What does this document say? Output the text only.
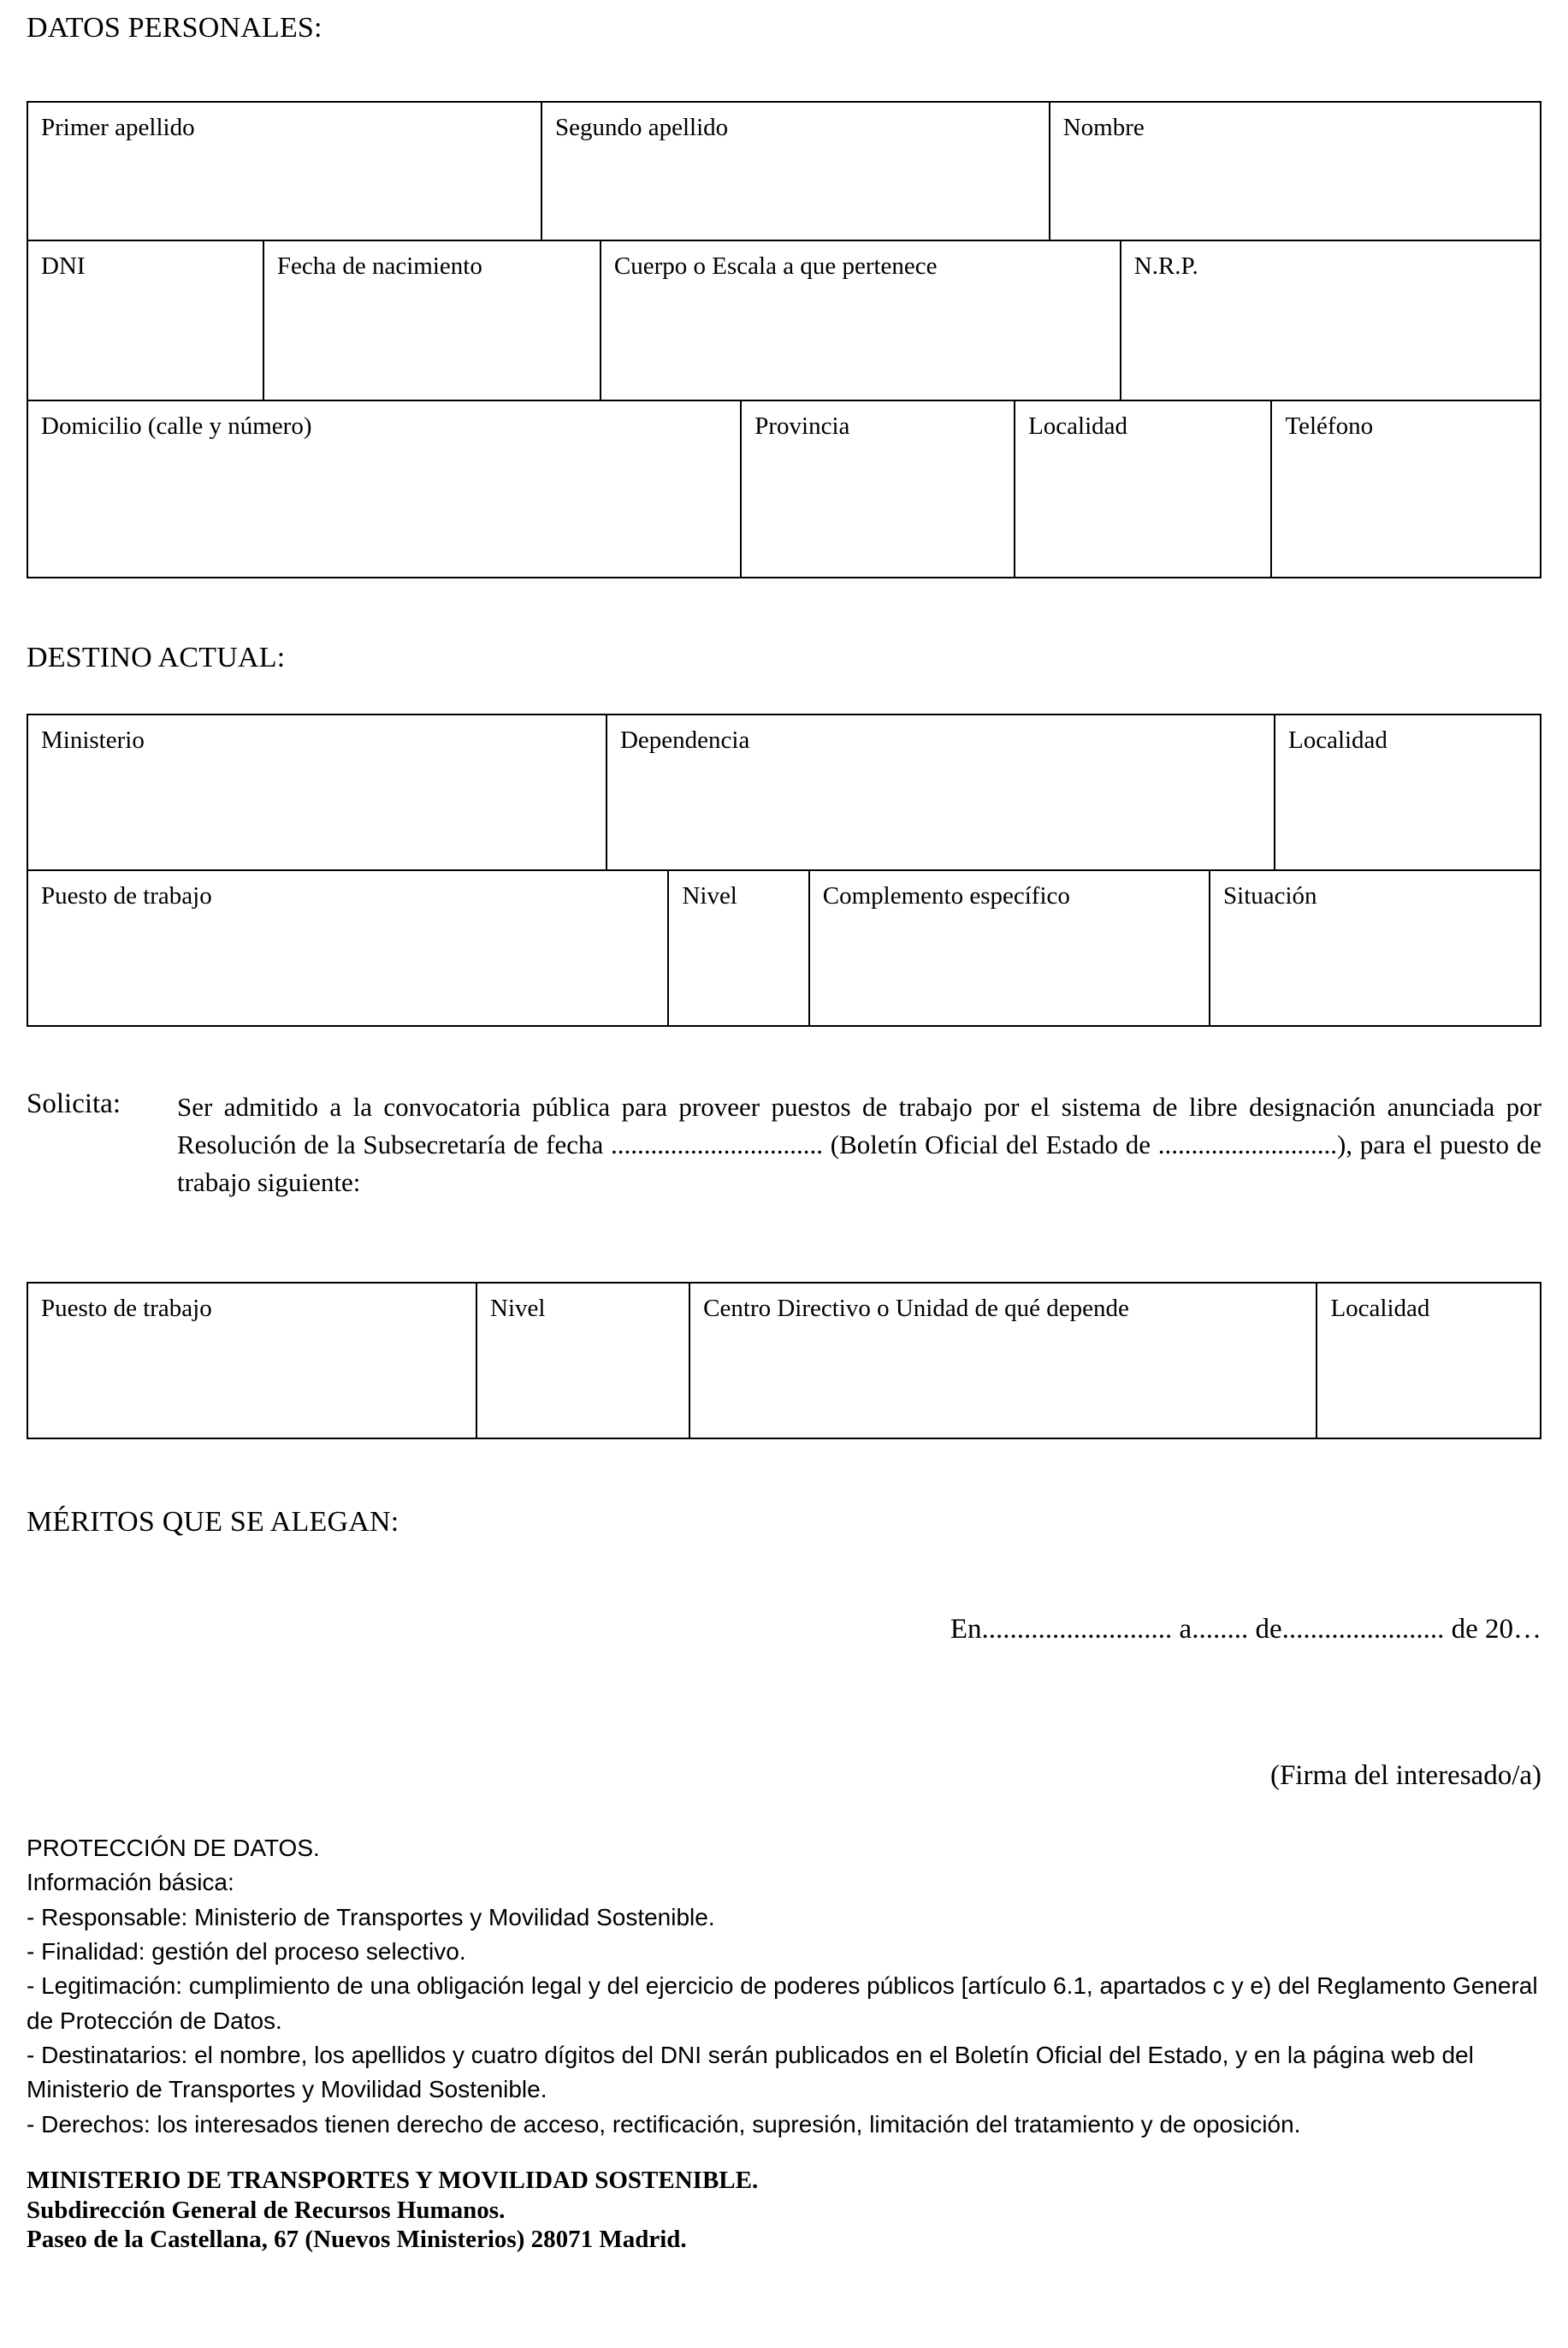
DATOS PERSONALES:
Primer apellido	Segundo apellido	Nombre
DNI	Fecha de nacimiento	Cuerpo o Escala a que pertenece	N.R.P.
Domicilio (calle y número)	Provincia	Localidad	Teléfono
DESTINO ACTUAL:
Ministerio	Dependencia	Localidad
Puesto de trabajo	Nivel	Complemento específico	Situación
Solicita:	Ser admitido a la convocatoria pública para proveer puestos de trabajo por el sistema de libre designación anunciada por Resolución de la Subsecretaría de fecha ................................ (Boletín Oficial del Estado de ...........................), para el puesto de trabajo siguiente:
Puesto de trabajo	Nivel	Centro Directivo o Unidad de qué depende	Localidad
MÉRITOS QUE SE ALEGAN:
En........................... a........ de....................... de 20…
(Firma del interesado/a)
PROTECCIÓN DE DATOS.
Información básica:
- Responsable: Ministerio de Transportes y Movilidad Sostenible.
- Finalidad: gestión del proceso selectivo.
- Legitimación: cumplimiento de una obligación legal y del ejercicio de poderes públicos [artículo 6.1, apartados c y e) del Reglamento General de Protección de Datos.
- Destinatarios: el nombre, los apellidos y cuatro dígitos del DNI serán publicados en el Boletín Oficial del Estado, y en la página web del Ministerio de Transportes y Movilidad Sostenible.
- Derechos: los interesados tienen derecho de acceso, rectificación, supresión, limitación del tratamiento y de oposición.
MINISTERIO DE TRANSPORTES Y MOVILIDAD SOSTENIBLE.
Subdirección General de Recursos Humanos.
Paseo de la Castellana, 67 (Nuevos Ministerios) 28071 Madrid.
